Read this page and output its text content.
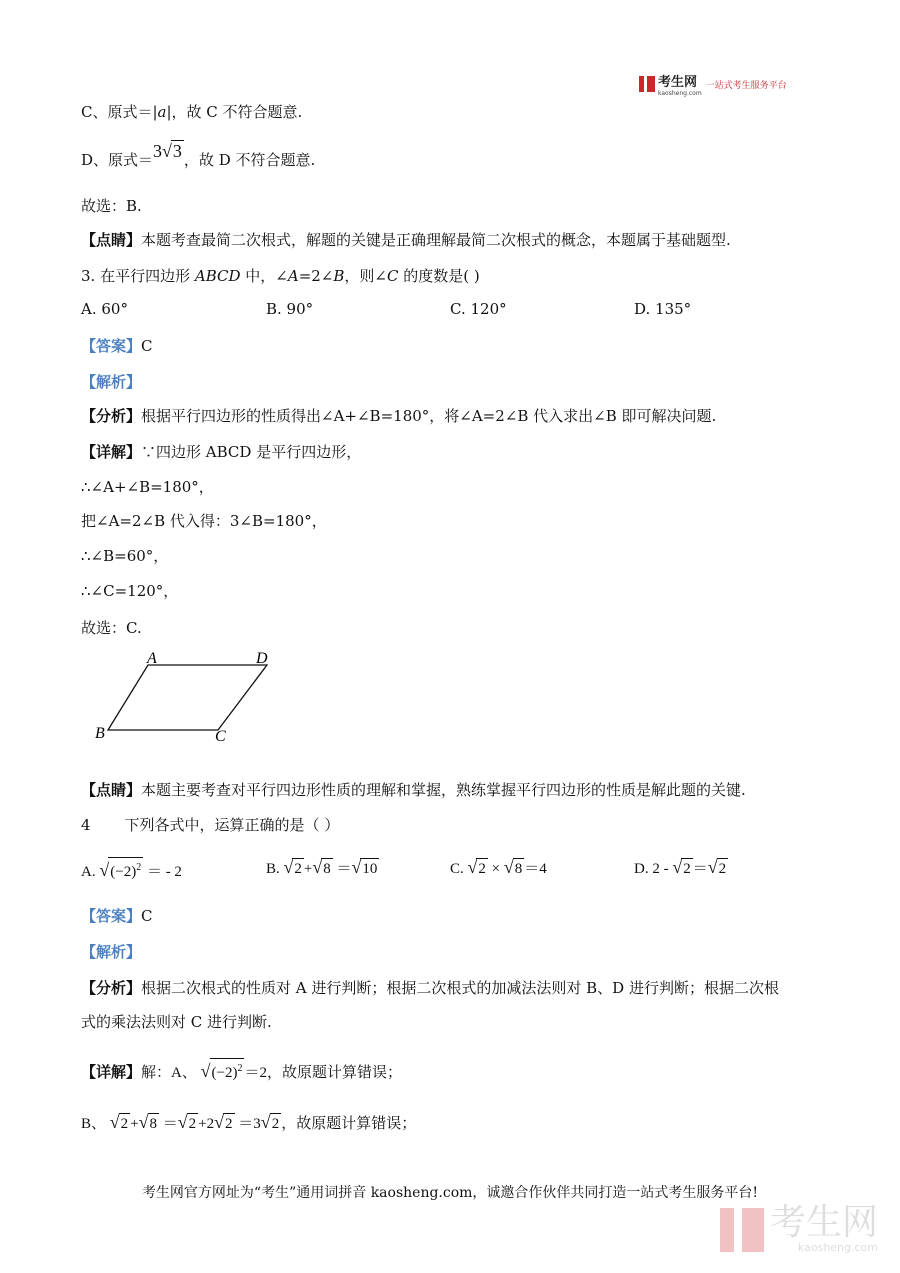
考生网
kaosheng.com
一站式考生服务平台
C、原式＝|a|，故 C 不符合题意.
D、原式＝3√3 ，故 D 不符合题意.
故选：B.
【点睛】本题考查最简二次根式，解题的关键是正确理解最简二次根式的概念，本题属于基础题型.
3. 在平行四边形 ABCD 中，∠A=2∠B，则∠C 的度数是( )
A. 60°	B. 90°	C. 120°	D. 135°
【答案】C
【解析】
【分析】根据平行四边形的性质得出∠A+∠B=180°，将∠A=2∠B 代入求出∠B 即可解决问题.
【详解】∵四边形 ABCD 是平行四边形，
∴∠A+∠B=180°，
把∠A=2∠B 代入得：3∠B=180°，
∴∠B=60°，
∴∠C=120°，
故选：C.
A	D
B	C
【点睛】本题主要考查对平行四边形性质的理解和掌握，熟练掌握平行四边形的性质是解此题的关键.
4 下列各式中，运算正确的是（ ）
A. $√(-2)^2$ ＝ - 2	B. √2 +√8 ＝√10	C. √2 × √8 ＝4	D. 2 - √2 ＝√2
【答案】C
【解析】
【分析】根据二次根式的性质对 A 进行判断；根据二次根式的加减法法则对 B、D 进行判断；根据二次根
式的乘法法则对 C 进行判断.
【详解】解：A、 $√(-2)^2 =2$，故原题计算错误；
B、 √2 +√8 ＝√2 +2√2 ＝3√2 ，故原题计算错误；
考生网官方网址为“考生”通用词拼音 kaosheng.com，诚邀合作伙伴共同打造一站式考生服务平台!
考生网
kaosheng.com
